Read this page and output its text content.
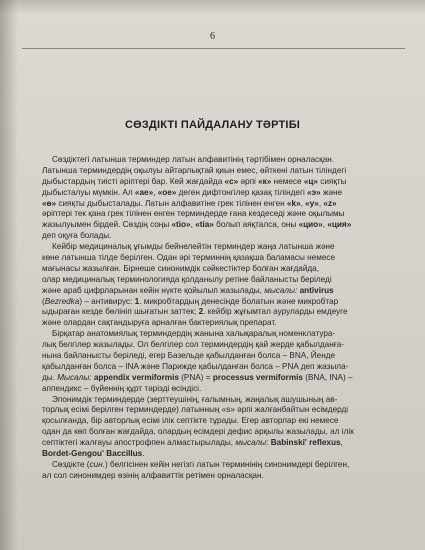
6
СӨЗДІКТІ ПАЙДАЛАНУ ТӘРТІБІ
Сөздіктегі латынша терминдер латын алфавитінің тәртібімен орналасқан.
Латынша терминдердің оқылуы айтарлықтай қиын емес, өйткені латын тіліндегі
дыбыстардың тиісті әріптері бар. Кей жағдайда «с» әрпі «к» немесе «ц» сияқты
дыбысталуы мүмкін. Ал «ae», «oe» деген дифтонгілер қазақ тіліндегі «э» және
«ө» сияқты дыбысталады. Латын алфавитіне грек тілінен енген «k», «y», «z»
әріптері тек қана грек тілінен енген терминдерде ғана кездеседі және оқылымы
жазылуымен бірдей. Сөздің соңы «tio», «tia» болып аяқталса, оны «цио», «ция»
деп оқуға болады.
Кейбір медициналық ұғымды бейнелейтін терминдер жаңа латынша және
көне латынша тілде берілген. Одан әрі терминнің қазақша баламасы немесе
мағынасы жазылған. Бірнеше синонимдік сәйкестіктер болған жағдайда,
олар медициналық терминологияда қолданылу ретіне байланысты беріледі
және араб цифрларынан кейін нүкте қойылып жазылады, мысалы: antivirus
(Bezredka) – антивирус: 1. микробтардың денесінде болатын және микробтар
ыдыраған кезде бөлініп шығатын заттек; 2. кейбір жұғымтал ауруларды емдеуге
және олардан сақтандыруға арналған бактериялық препарат.
Бірқатар анатомиялық терминдердің жанына халықаралық номенклатура-
лық белгілер жазылады. Ол белгілер сол терминдердің қай жерде қабылданға-
нына байланысты беріледі, егер Базельде қабылданған болса – BNA, Йенде
қабылданған болса – INA және Парижде қабылданған болса – PNA деп жазыла-
ды. Мысалы: appendix vermiformis (PNA) = processus vermiformis (BNA, INA) –
аппендикс – бүйеннің құрт тәрізді өсіндісі.
Эпонимдік терминдерде (зерттеушінің, ғалымның, жаңалық ашушының ав-
торлық есімі берілген терминдерде) латынның «s» әрпі жалғанбайтын есімдерді
қосылғанда, бір авторлық есімі ілік септікте тұрады. Егер авторлар екі немесе
одан да көп болған жағдайда, олардың есімдері дефис арқылы жазылады, ал ілік
септіктегі жалғауы апострофпен алмастырылады, мысалы: Babinski' reflexus,
Bordet-Gengou' Baccillus.
Сөздікте (син.) белгісінен кейін негізгі латын терминінің синонимдері берілген,
ал сол синонимдер өзінің алфавиттік ретімен орналасқан.
